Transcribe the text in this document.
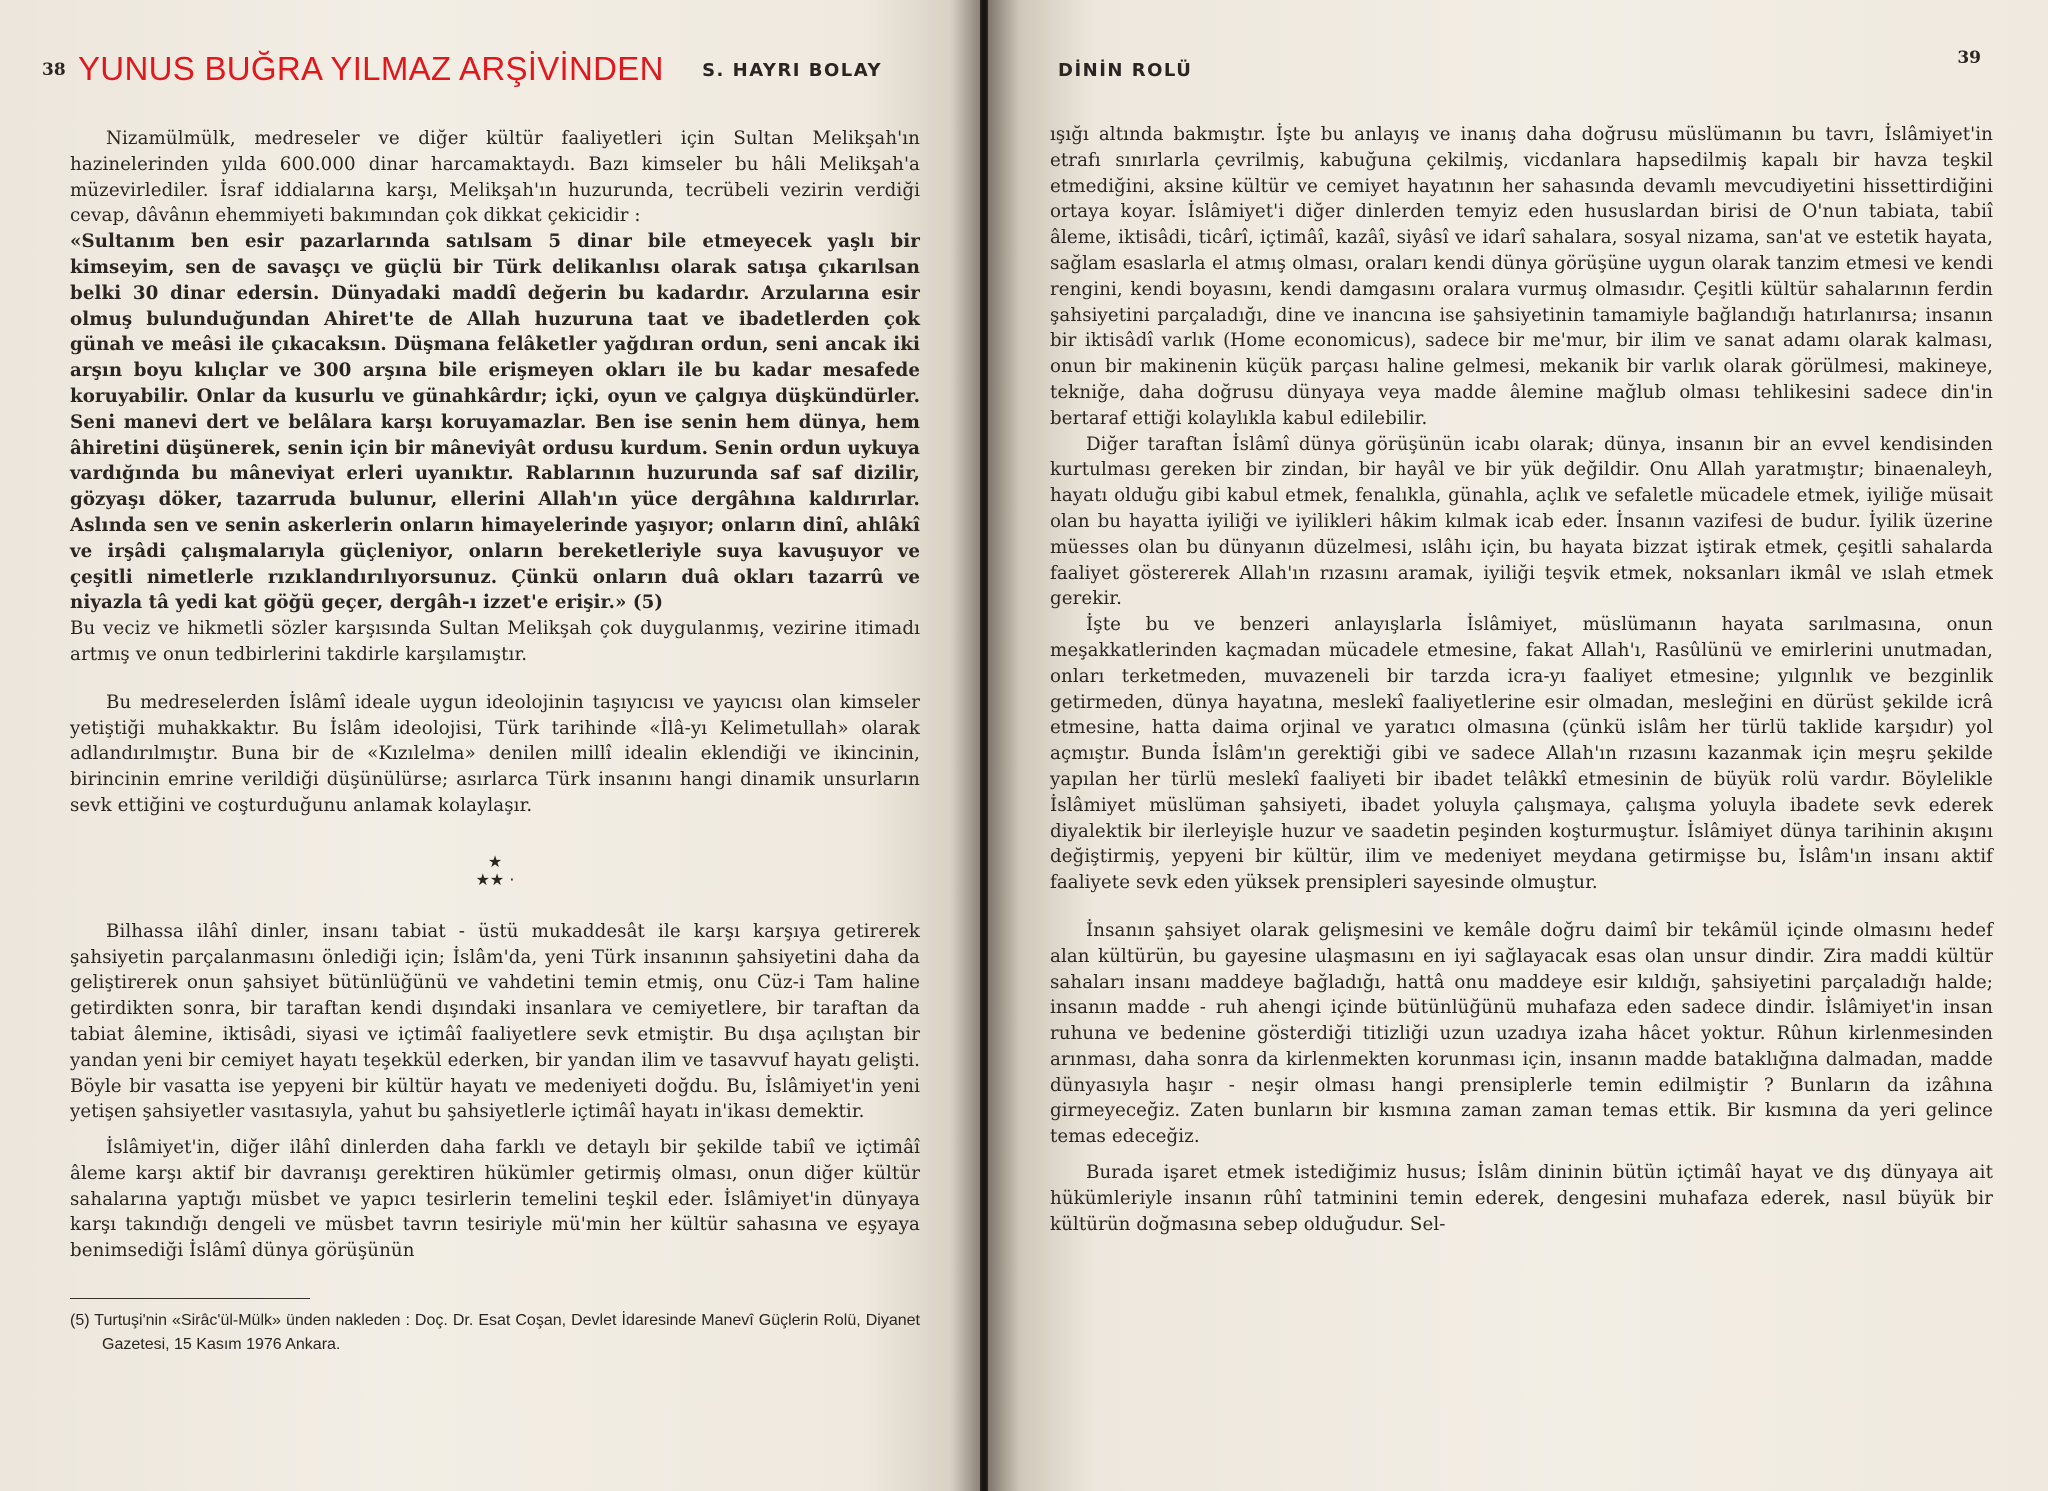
38 YUNUS BUĞRA YILMAZ ARŞİVİNDEN S. HAYRI BOLAY

Nizamülmülk, medreseler ve diğer kültür faaliyetleri için Sultan Melikşah'ın hazinelerinden yılda 600.000 dinar harcamaktaydı. Bazı kimseler bu hâli Melikşah'a müzevirlediler. İsraf iddialarına karşı, Melikşah'ın huzurunda, tecrübeli vezirin verdiği cevap, dâvânın ehemmiyeti bakımından çok dikkat çekicidir :

«Sultanım ben esir pazarlarında satılsam 5 dinar bile etmeyecek yaşlı bir kimseyim, sen de savaşçı ve güçlü bir Türk delikanlısı olarak satışa çıkarılsan belki 30 dinar edersin. Dünyadaki maddî değerin bu kadardır. Arzularına esir olmuş bulunduğundan Ahiret'te de Allah huzuruna taat ve ibadetlerden çok günah ve meâsi ile çıkacaksın. Düşmana felâketler yağdıran ordun, seni ancak iki arşın boyu kılıçlar ve 300 arşına bile erişmeyen okları ile bu kadar mesafede koruyabilir. Onlar da kusurlu ve günahkârdır; içki, oyun ve çalgıya düşkündürler. Seni manevi dert ve belâlara karşı koruyamazlar. Ben ise senin hem dünya, hem âhiretini düşünerek, senin için bir mâneviyât ordusu kurdum. Senin ordun uykuya vardığında bu mâneviyat erleri uyanıktır. Rablarının huzurunda saf saf dizilir, gözyaşı döker, tazarruda bulunur, ellerini Allah'ın yüce dergâhına kaldırırlar. Aslında sen ve senin askerlerin onların himayelerinde yaşıyor; onların dinî, ahlâkî ve irşâdi çalışmalarıyla güçleniyor, onların bereketleriyle suya kavuşuyor ve çeşitli nimetlerle rızıklandırılıyorsunuz. Çünkü onların duâ okları tazarrû ve niyazla tâ yedi kat göğü geçer, dergâh-ı izzet'e erişir.» (5)

Bu veciz ve hikmetli sözler karşısında Sultan Melikşah çok duygulanmış, vezirine itimadı artmış ve onun tedbirlerini takdirle karşılamıştır.

Bu medreselerden İslâmî ideale uygun ideolojinin taşıyıcısı ve yayıcısı olan kimseler yetiştiği muhakkaktır. Bu İslâm ideolojisi, Türk tarihinde «İlâ-yı Kelimetullah» olarak adlandırılmıştır. Buna bir de «Kızılelma» denilen millî idealin eklendiği ve ikincinin, birincinin emrine verildiği düşünülürse; asırlarca Türk insanını hangi dinamik unsurların sevk ettiğini ve coşturduğunu anlamak kolaylaşır.

★
★★ ·

Bilhassa ilâhî dinler, insanı tabiat - üstü mukaddesât ile karşı karşıya getirerek şahsiyetin parçalanmasını önlediği için; İslâm'da, yeni Türk insanının şahsiyetini daha da geliştirerek onun şahsiyet bütünlüğünü ve vahdetini temin etmiş, onu Cüz-i Tam haline getirdikten sonra, bir taraftan kendi dışındaki insanlara ve cemiyetlere, bir taraftan da tabiat âlemine, iktisâdi, siyasi ve içtimâî faaliyetlere sevk etmiştir. Bu dışa açılıştan bir yandan yeni bir cemiyet hayatı teşekkül ederken, bir yandan ilim ve tasavvuf hayatı gelişti. Böyle bir vasatta ise yepyeni bir kültür hayatı ve medeniyeti doğdu. Bu, İslâmiyet'in yeni yetişen şahsiyetler vasıtasıyla, yahut bu şahsiyetlerle içtimâî hayatı in'ikası demektir.

İslâmiyet'in, diğer ilâhî dinlerden daha farklı ve detaylı bir şekilde tabiî ve içtimâî âleme karşı aktif bir davranışı gerektiren hükümler getirmiş olması, onun diğer kültür sahalarına yaptığı müsbet ve yapıcı tesirlerin temelini teşkil eder. İslâmiyet'in dünyaya karşı takındığı dengeli ve müsbet tavrın tesiriyle mü'min her kültür sahasına ve eşyaya benimsediği İslâmî dünya görüşünün

(5) Turtuşi'nin «Sirâc'ül-Mülk» ünden nakleden : Doç. Dr. Esat Coşan, Devlet İdaresinde Manevî Güçlerin Rolü, Diyanet Gazetesi, 15 Kasım 1976 Ankara.
DİNİN ROLÜ
39

ışığı altında bakmıştır. İşte bu anlayış ve inanış daha doğrusu müslümanın bu tavrı, İslâmiyet'in etrafı sınırlarla çevrilmiş, kabuğuna çekilmiş, vicdanlara hapsedilmiş kapalı bir havza teşkil etmediğini, aksine kültür ve cemiyet hayatının her sahasında devamlı mevcudiyetini hissettirdiğini ortaya koyar. İslâmiyet'i diğer dinlerden temyiz eden hususlardan birisi de O'nun tabiata, tabiî âleme, iktisâdi, ticârî, içtimâî, kazâî, siyâsî ve idarî sahalara, sosyal nizama, san'at ve estetik hayata, sağlam esaslarla el atmış olması, oraları kendi dünya görüşüne uygun olarak tanzim etmesi ve kendi rengini, kendi boyasını, kendi damgasını oralara vurmuş olmasıdır. Çeşitli kültür sahalarının ferdin şahsiyetini parçaladığı, dine ve inancına ise şahsiyetinin tamamiyle bağlandığı hatırlanırsa; insanın bir iktisâdî varlık (Home economicus), sadece bir me'mur, bir ilim ve sanat adamı olarak kalması, onun bir makinenin küçük parçası haline gelmesi, mekanik bir varlık olarak görülmesi, makineye, tekniğe, daha doğrusu dünyaya veya madde âlemine mağlub olması tehlikesini sadece din'in bertaraf ettiği kolaylıkla kabul edilebilir.

Diğer taraftan İslâmî dünya görüşünün icabı olarak; dünya, insanın bir an evvel kendisinden kurtulması gereken bir zindan, bir hayâl ve bir yük değildir. Onu Allah yaratmıştır; binaenaleyh, hayatı olduğu gibi kabul etmek, fenalıkla, günahla, açlık ve sefaletle mücadele etmek, iyiliğe müsait olan bu hayatta iyiliği ve iyilikleri hâkim kılmak icab eder. İnsanın vazifesi de budur. İyilik üzerine müesses olan bu dünyanın düzelmesi, ıslâhı için, bu hayata bizzat iştirak etmek, çeşitli sahalarda faaliyet göstererek Allah'ın rızasını aramak, iyiliği teşvik etmek, noksanları ikmâl ve ıslah etmek gerekir.

İşte bu ve benzeri anlayışlarla İslâmiyet, müslümanın hayata sarılmasına, onun meşakkatlerinden kaçmadan mücadele etmesine, fakat Allah'ı, Rasûlünü ve emirlerini unutmadan, onları terketmeden, muvazeneli bir tarzda icra-yı faaliyet etmesine; yılgınlık ve bezginlik getirmeden, dünya hayatına, meslekî faaliyetlerine esir olmadan, mesleğini en dürüst şekilde icrâ etmesine, hatta daima orjinal ve yaratıcı olmasına (çünkü islâm her türlü taklide karşıdır) yol açmıştır. Bunda İslâm'ın gerektiği gibi ve sadece Allah'ın rızasını kazanmak için meşru şekilde yapılan her türlü meslekî faaliyeti bir ibadet telâkkî etmesinin de büyük rolü vardır. Böylelikle İslâmiyet müslüman şahsiyeti, ibadet yoluyla çalışmaya, çalışma yoluyla ibadete sevk ederek diyalektik bir ilerleyişle huzur ve saadetin peşinden koşturmuştur. İslâmiyet dünya tarihinin akışını değiştirmiş, yepyeni bir kültür, ilim ve medeniyet meydana getirmişse bu, İslâm'ın insanı aktif faaliyete sevk eden yüksek prensipleri sayesinde olmuştur.

İnsanın şahsiyet olarak gelişmesini ve kemâle doğru daimî bir tekâmül içinde olmasını hedef alan kültürün, bu gayesine ulaşmasını en iyi sağlayacak esas olan unsur dindir. Zira maddi kültür sahaları insanı maddeye bağladığı, hattâ onu maddeye esir kıldığı, şahsiyetini parçaladığı halde; insanın madde - ruh ahengi içinde bütünlüğünü muhafaza eden sadece dindir. İslâmiyet'in insan ruhuna ve bedenine gösterdiği titizliği uzun uzadıya izaha hâcet yoktur. Rûhun kirlenmesinden arınması, daha sonra da kirlenmekten korunması için, insanın madde bataklığına dalmadan, madde dünyasıyla haşır - neşir olması hangi prensiplerle temin edilmiştir ? Bunların da izâhına girmeyeceğiz. Zaten bunların bir kısmına zaman zaman temas ettik. Bir kısmına da yeri gelince temas edeceğiz.

Burada işaret etmek istediğimiz husus; İslâm dininin bütün içtimâî hayat ve dış dünyaya ait hükümleriyle insanın rûhî tatminini temin ederek, dengesini muhafaza ederek, nasıl büyük bir kültürün doğmasına sebep olduğudur. Sel-
